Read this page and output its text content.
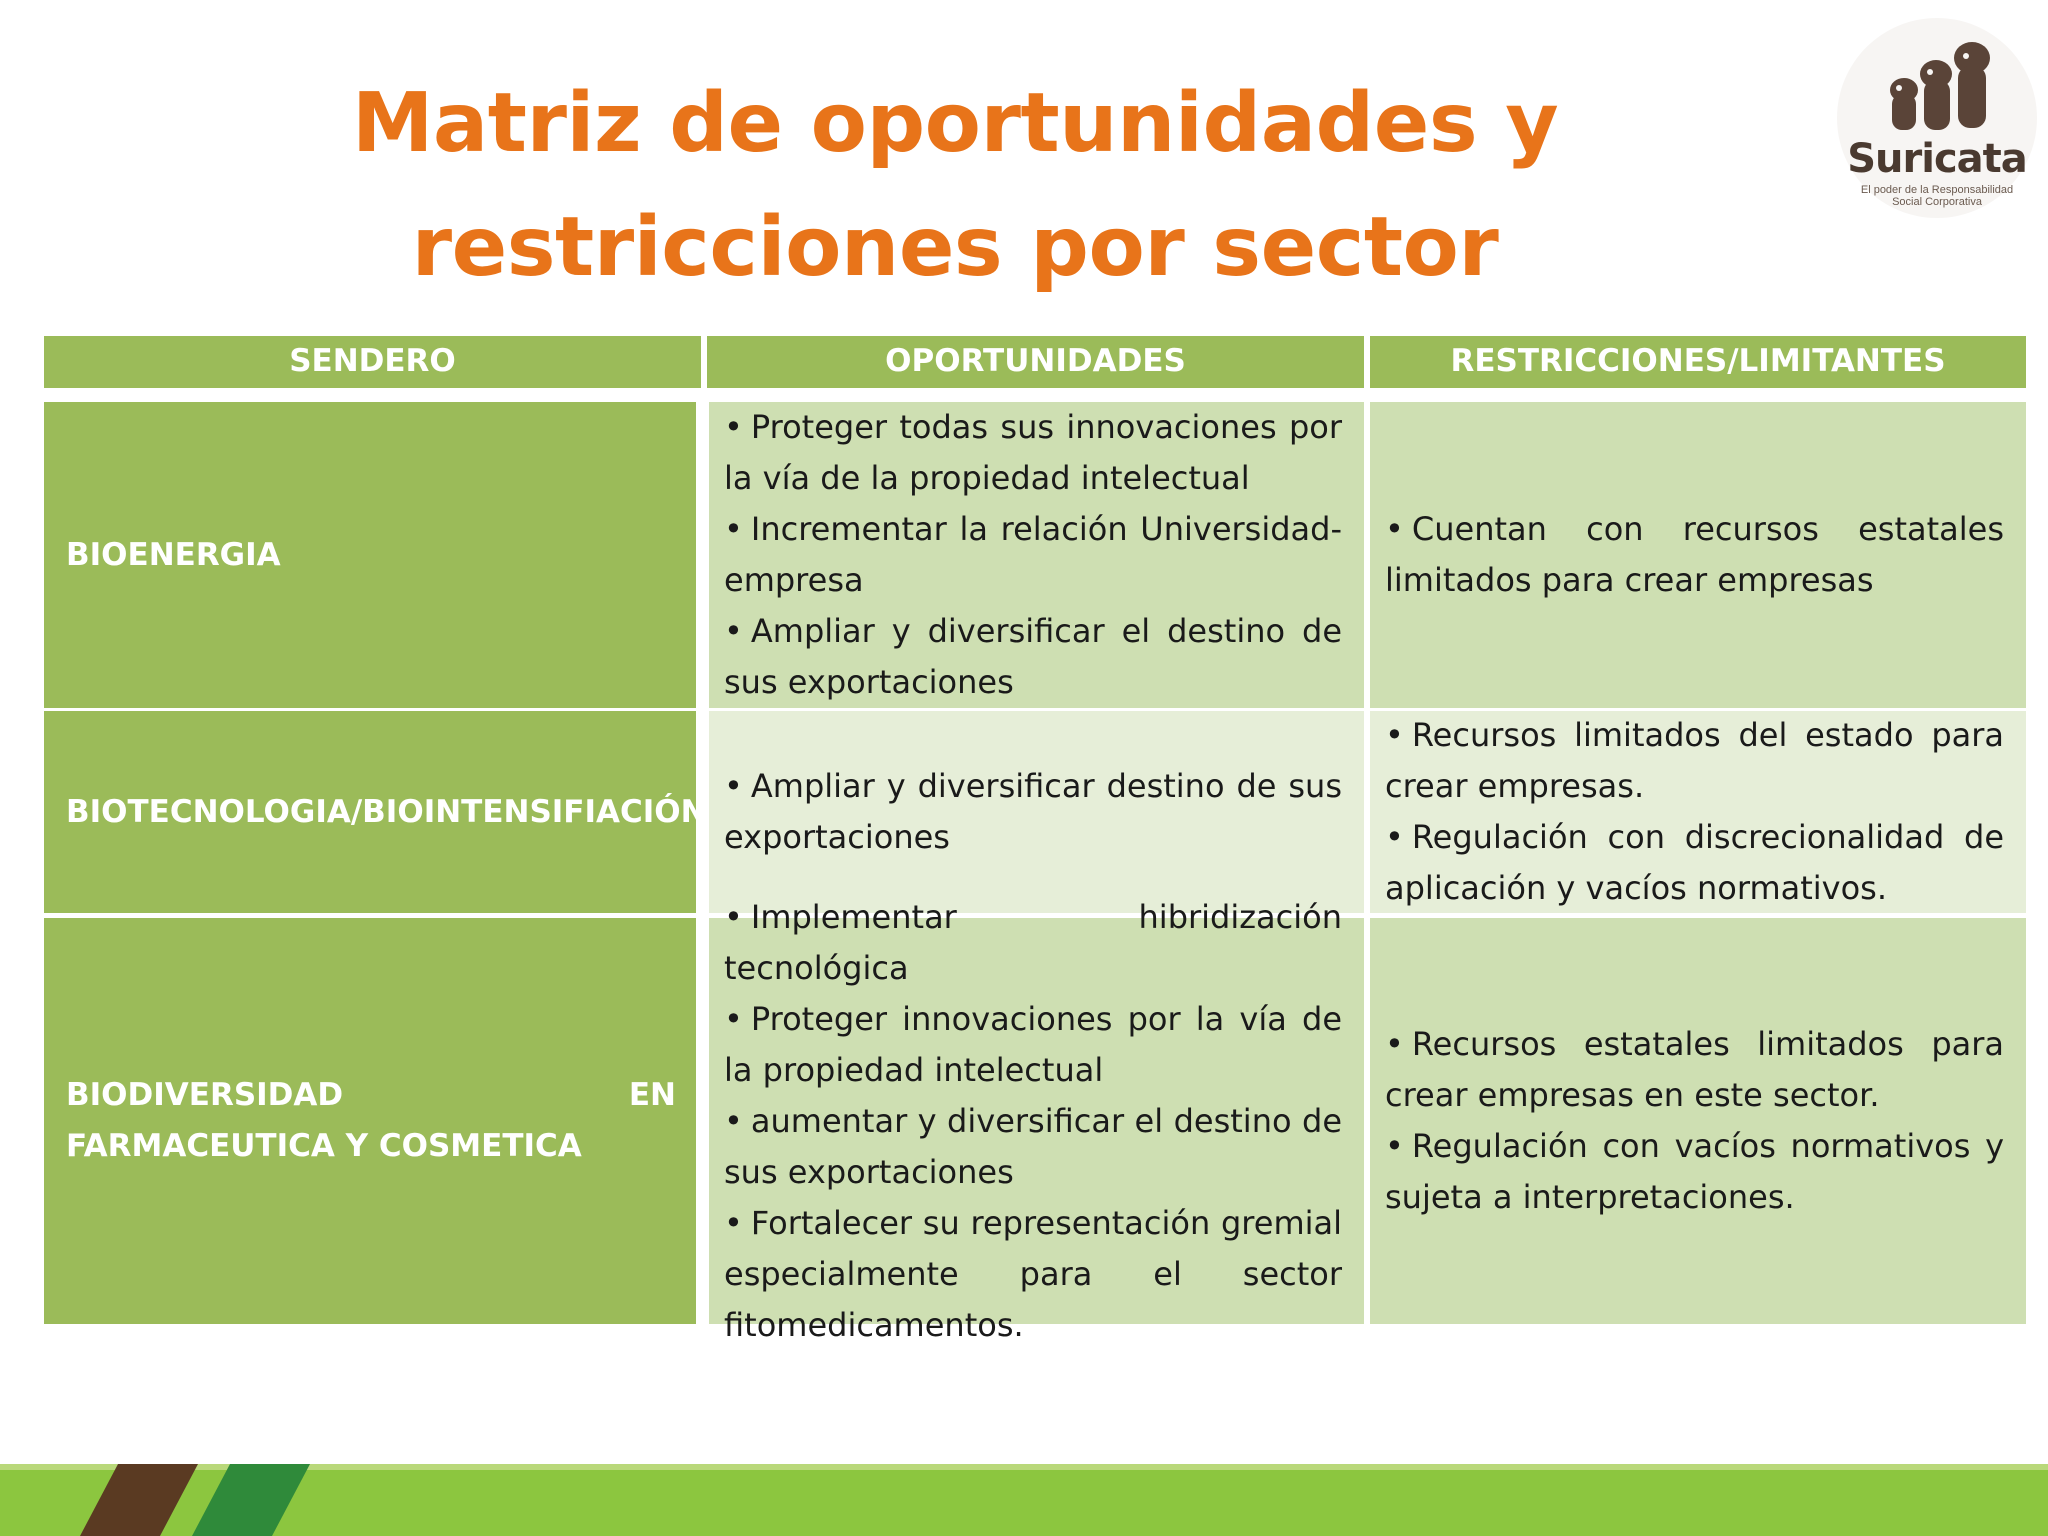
Matriz de oportunidades y
restricciones por sector
Suricata
El poder de la Responsabilidad Social Corporativa
SENDERO	OPORTUNIDADES	RESTRICCIONES/LIMITANTES
BIOENERGIA

• Proteger todas sus innovaciones por la vía de la propiedad intelectual

• Incrementar la relación Universidad-empresa

• Ampliar y diversificar el destino de sus exportaciones

• Cuentan con recursos estatales limitados para crear empresas

BIOTECNOLOGIA/BIOINTENSIFIACIÓN

• Ampliar y diversificar destino de sus exportaciones

• Recursos limitados del estado para crear empresas.

• Regulación con discrecionalidad de aplicación y vacíos normativos.

BIODIVERSIDAD EN FARMACEUTICA Y COSMETICA

• Implementar hibridización tecnológica

• Proteger innovaciones por la vía de la propiedad intelectual

• aumentar y diversificar el destino de sus exportaciones

• Fortalecer su representación gremial especialmente para el sector fitomedicamentos.

• Recursos estatales limitados para crear empresas en este sector.

• Regulación con vacíos normativos y sujeta a interpretaciones.
